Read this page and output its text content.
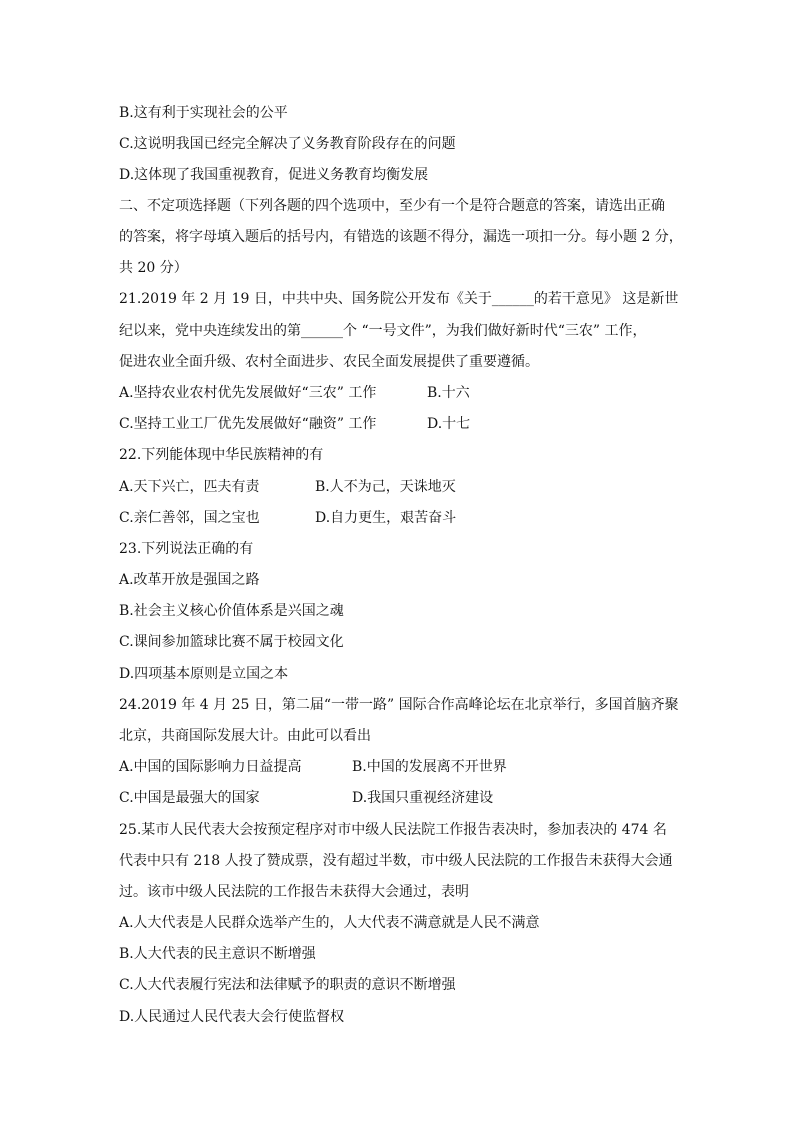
B.这有利于实现社会的公平
C.这说明我国已经完全解决了义务教育阶段存在的问题
D.这体现了我国重视教育，促进义务教育均衡发展
二、不定项选择题（下列各题的四个选项中，至少有一个是符合题意的答案，请选出正确
的答案，将字母填入题后的括号内，有错选的该题不得分，漏选一项扣一分。每小题 2 分，
共 20 分）
21.2019 年 2 月 19 日，中共中央、国务院公开发布《关于______的若干意见》 这是新世
纪以来，党中央连续发出的第______个 “一号文件”，为我们做好新时代“三农” 工作，
促进农业全面升级、农村全面进步、农民全面发展提供了重要遵循。
A.坚持农业农村优先发展做好“三农” 工作	B.十六
C.坚持工业工厂优先发展做好“融资” 工作	D.十七
22.下列能体现中华民族精神的有
A.天下兴亡，匹夫有责	B.人不为己，天诛地灭
C.亲仁善邻，国之宝也	D.自力更生，艰苦奋斗
23.下列说法正确的有
A.改革开放是强国之路
B.社会主义核心价值体系是兴国之魂
C.课间参加篮球比赛不属于校园文化
D.四项基本原则是立国之本
24.2019 年 4 月 25 日，第二届“一带一路” 国际合作高峰论坛在北京举行，多国首脑齐聚
北京，共商国际发展大计。由此可以看出
A.中国的国际影响力日益提高	B.中国的发展离不开世界
C.中国是最强大的国家	D.我国只重视经济建设
25.某市人民代表大会按预定程序对市中级人民法院工作报告表决时，参加表决的 474 名
代表中只有 218 人投了赞成票，没有超过半数，市中级人民法院的工作报告未获得大会通
过。该市中级人民法院的工作报告未获得大会通过，表明
A.人大代表是人民群众选举产生的，人大代表不满意就是人民不满意
B.人大代表的民主意识不断增强
C.人大代表履行宪法和法律赋予的职责的意识不断增强
D.人民通过人民代表大会行使监督权
